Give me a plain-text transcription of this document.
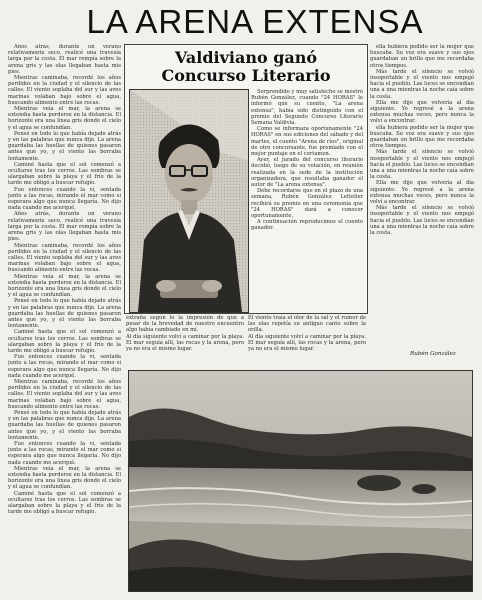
LA ARENA EXTENSA

Años atrás, durante un verano relativamente seco, realicé una travesía larga por la costa. El mar rompía sobre la arena gris y las olas llegaban hasta mis pies.

Mientras caminaba, recordé los años perdidos en la ciudad y el silencio de las calles. El viento soplaba del sur y las aves marinas volaban bajo sobre el agua, buscando alimento entre las rocas.

Mientras veía el mar, la arena se extendía hasta perderse en la distancia. El horizonte era una línea gris donde el cielo y el agua se confundían.

Pensé en todo lo que había dejado atrás y en las palabras que nunca dije. La arena guardaba las huellas de quienes pasaron antes que yo, y el viento las borraba lentamente.

Caminé hasta que el sol comenzó a ocultarse tras los cerros. Las sombras se alargaban sobre la playa y el frío de la tarde me obligó a buscar refugio.

Fue entonces cuando la vi, sentada junto a las rocas, mirando el mar como si esperara algo que nunca llegaría. No dijo nada cuando me acerqué.

Años atrás, durante un verano relativamente seco, realicé una travesía larga por la costa. El mar rompía sobre la arena gris y las olas llegaban hasta mis pies.

Mientras caminaba, recordé los años perdidos en la ciudad y el silencio de las calles. El viento soplaba del sur y las aves marinas volaban bajo sobre el agua, buscando alimento entre las rocas.

Mientras veía el mar, la arena se extendía hasta perderse en la distancia. El horizonte era una línea gris donde el cielo y el agua se confundían.

Pensé en todo lo que había dejado atrás y en las palabras que nunca dije. La arena guardaba las huellas de quienes pasaron antes que yo, y el viento las borraba lentamente.

Caminé hasta que el sol comenzó a ocultarse tras los cerros. Las sombras se alargaban sobre la playa y el frío de la tarde me obligó a buscar refugio.

Fue entonces cuando la vi, sentada junto a las rocas, mirando el mar como si esperara algo que nunca llegaría. No dijo nada cuando me acerqué.

Mientras caminaba, recordé los años perdidos en la ciudad y el silencio de las calles. El viento soplaba del sur y las aves marinas volaban bajo sobre el agua, buscando alimento entre las rocas.

Pensé en todo lo que había dejado atrás y en las palabras que nunca dije. La arena guardaba las huellas de quienes pasaron antes que yo, y el viento las borraba lentamente.

Fue entonces cuando la vi, sentada junto a las rocas, mirando el mar como si esperara algo que nunca llegaría. No dijo nada cuando me acerqué.

Mientras veía el mar, la arena se extendía hasta perderse en la distancia. El horizonte era una línea gris donde el cielo y el agua se confundían.

Caminé hasta que el sol comenzó a ocultarse tras los cerros. Las sombras se alargaban sobre la playa y el frío de la tarde me obligó a buscar refugio.

Valdiviano ganó
Concurso Literario

Sorprendido y muy satisfecho se mostró Rubén González, cuando "24 HORAS" le informó que su cuento, "La arena extensa", había sido distinguido con el premio del Segundo Concurso Literario Semana Valdivia.

Como se informara oportunamente "24 HORAS" en sus ediciones del sábado y del martes, el cuento "Arena de ríos", original de otro concursante, fue premiado con el mejor puntaje en el certamen.

Ayer, el jurado del concurso literario decidió, luego de su votación, en reunión realizada en la sede de la institución organizadora, que resultaba ganador el autor de "La arena extensa".

Debe recordarse que en el plazo de una semana, Rubén González Lettelier recibirá su premio en una ceremonia que "24 HORAS" dará a conocer oportunamente.

A continuación reproducimos el cuento ganador.

ella hubiera podido ser la mujer que buscaba. Su voz era suave y sus ojos guardaban un brillo que me recordaba otros tiempos.

Más tarde el silencio se volvió insoportable y el viento nos empujó hacia el pueblo. Las luces se encendían una a una mientras la noche caía sobre la costa.

Ella me dijo que volvería al día siguiente. Yo regresé a la arena extensa muchas veces, pero nunca la volví a encontrar.

ella hubiera podido ser la mujer que buscaba. Su voz era suave y sus ojos guardaban un brillo que me recordaba otros tiempos.

Más tarde el silencio se volvió insoportable y el viento nos empujó hacia el pueblo. Las luces se encendían una a una mientras la noche caía sobre la costa.

Ella me dijo que volvería al día siguiente. Yo regresé a la arena extensa muchas veces, pero nunca la volví a encontrar.

Más tarde el silencio se volvió insoportable y el viento nos empujó hacia el pueblo. Las luces se encendían una a una mientras la noche caía sobre la costa.

extraña según lo la impresión de que a pesar de la brevedad de nuestro encuentro algo había cambiado en mí.

Al día siguiente volví a caminar por la playa. El mar seguía allí, las rocas y la arena, pero ya no era el mismo lugar.

El viento traía el olor de la sal y el rumor de las olas repetía su antiguo canto sobre la orilla.

Al día siguiente volví a caminar por la playa. El mar seguía allí, las rocas y la arena, pero ya no era el mismo lugar.

Rubén González
